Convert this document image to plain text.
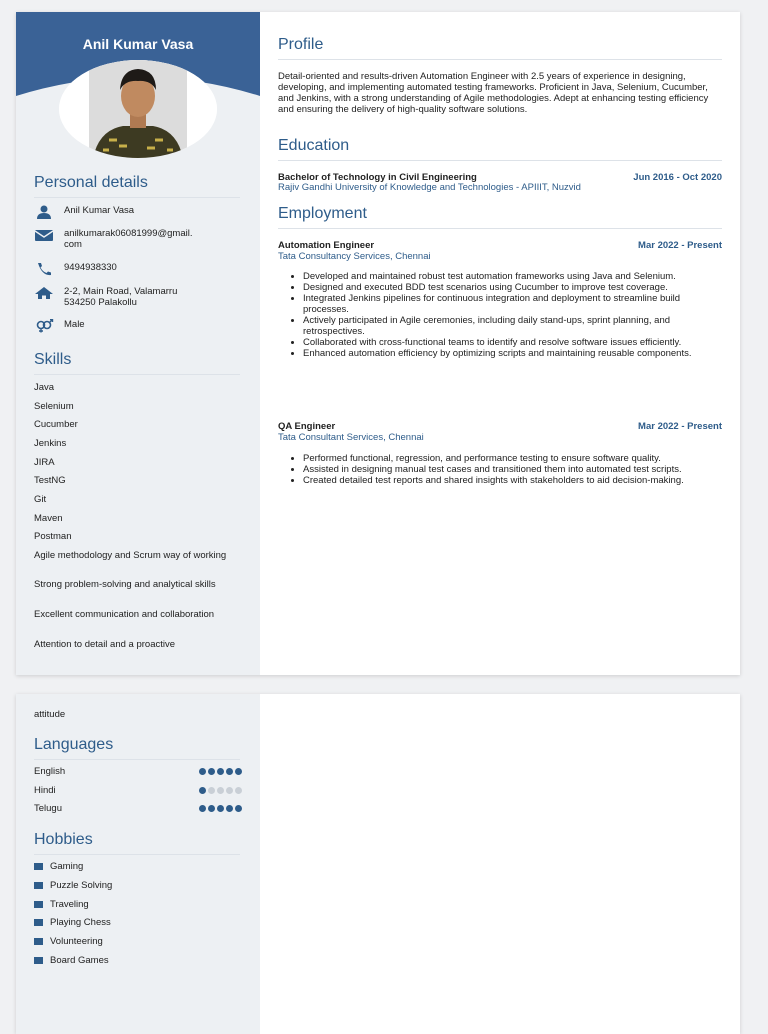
Anil Kumar Vasa
Personal details
Anil Kumar Vasa
anilkumarak06081999@gmail.
com
9494938330
2-2, Main Road, Valamarru
534250 Palakollu
Male
Skills
Java
Selenium
Cucumber
Jenkins
JIRA
TestNG
Git
Maven
Postman
Agile methodology and Scrum way of working
Strong problem-solving and analytical skills
Excellent communication and collaboration
Attention to detail and a proactive
Profile
Detail-oriented and results-driven Automation Engineer with 2.5 years of experience in designing, developing, and implementing automated testing frameworks. Proficient in Java, Selenium, Cucumber, and Jenkins, with a strong understanding of Agile methodologies. Adept at enhancing testing efficiency and ensuring the delivery of high-quality software solutions.
Education
Bachelor of Technology in Civil Engineering	Jun 2016 - Oct 2020
Rajiv Gandhi University of Knowledge and Technologies - APIIIT, Nuzvid
Employment
Automation Engineer	Mar 2022 - Present
Tata Consultancy Services, Chennai
• Developed and maintained robust test automation frameworks using Java and Selenium.
• Designed and executed BDD test scenarios using Cucumber to improve test coverage.
• Integrated Jenkins pipelines for continuous integration and deployment to streamline build processes.
• Actively participated in Agile ceremonies, including daily stand-ups, sprint planning, and retrospectives.
• Collaborated with cross-functional teams to identify and resolve software issues efficiently.
• Enhanced automation efficiency by optimizing scripts and maintaining reusable components.
QA Engineer	Mar 2022 - Present
Tata Consultant Services, Chennai
• Performed functional, regression, and performance testing to ensure software quality.
• Assisted in designing manual test cases and transitioned them into automated test scripts.
• Created detailed test reports and shared insights with stakeholders to aid decision-making.
attitude
Languages
English
Hindi
Telugu
Hobbies
Gaming
Puzzle Solving
Traveling
Playing Chess
Volunteering
Board Games
